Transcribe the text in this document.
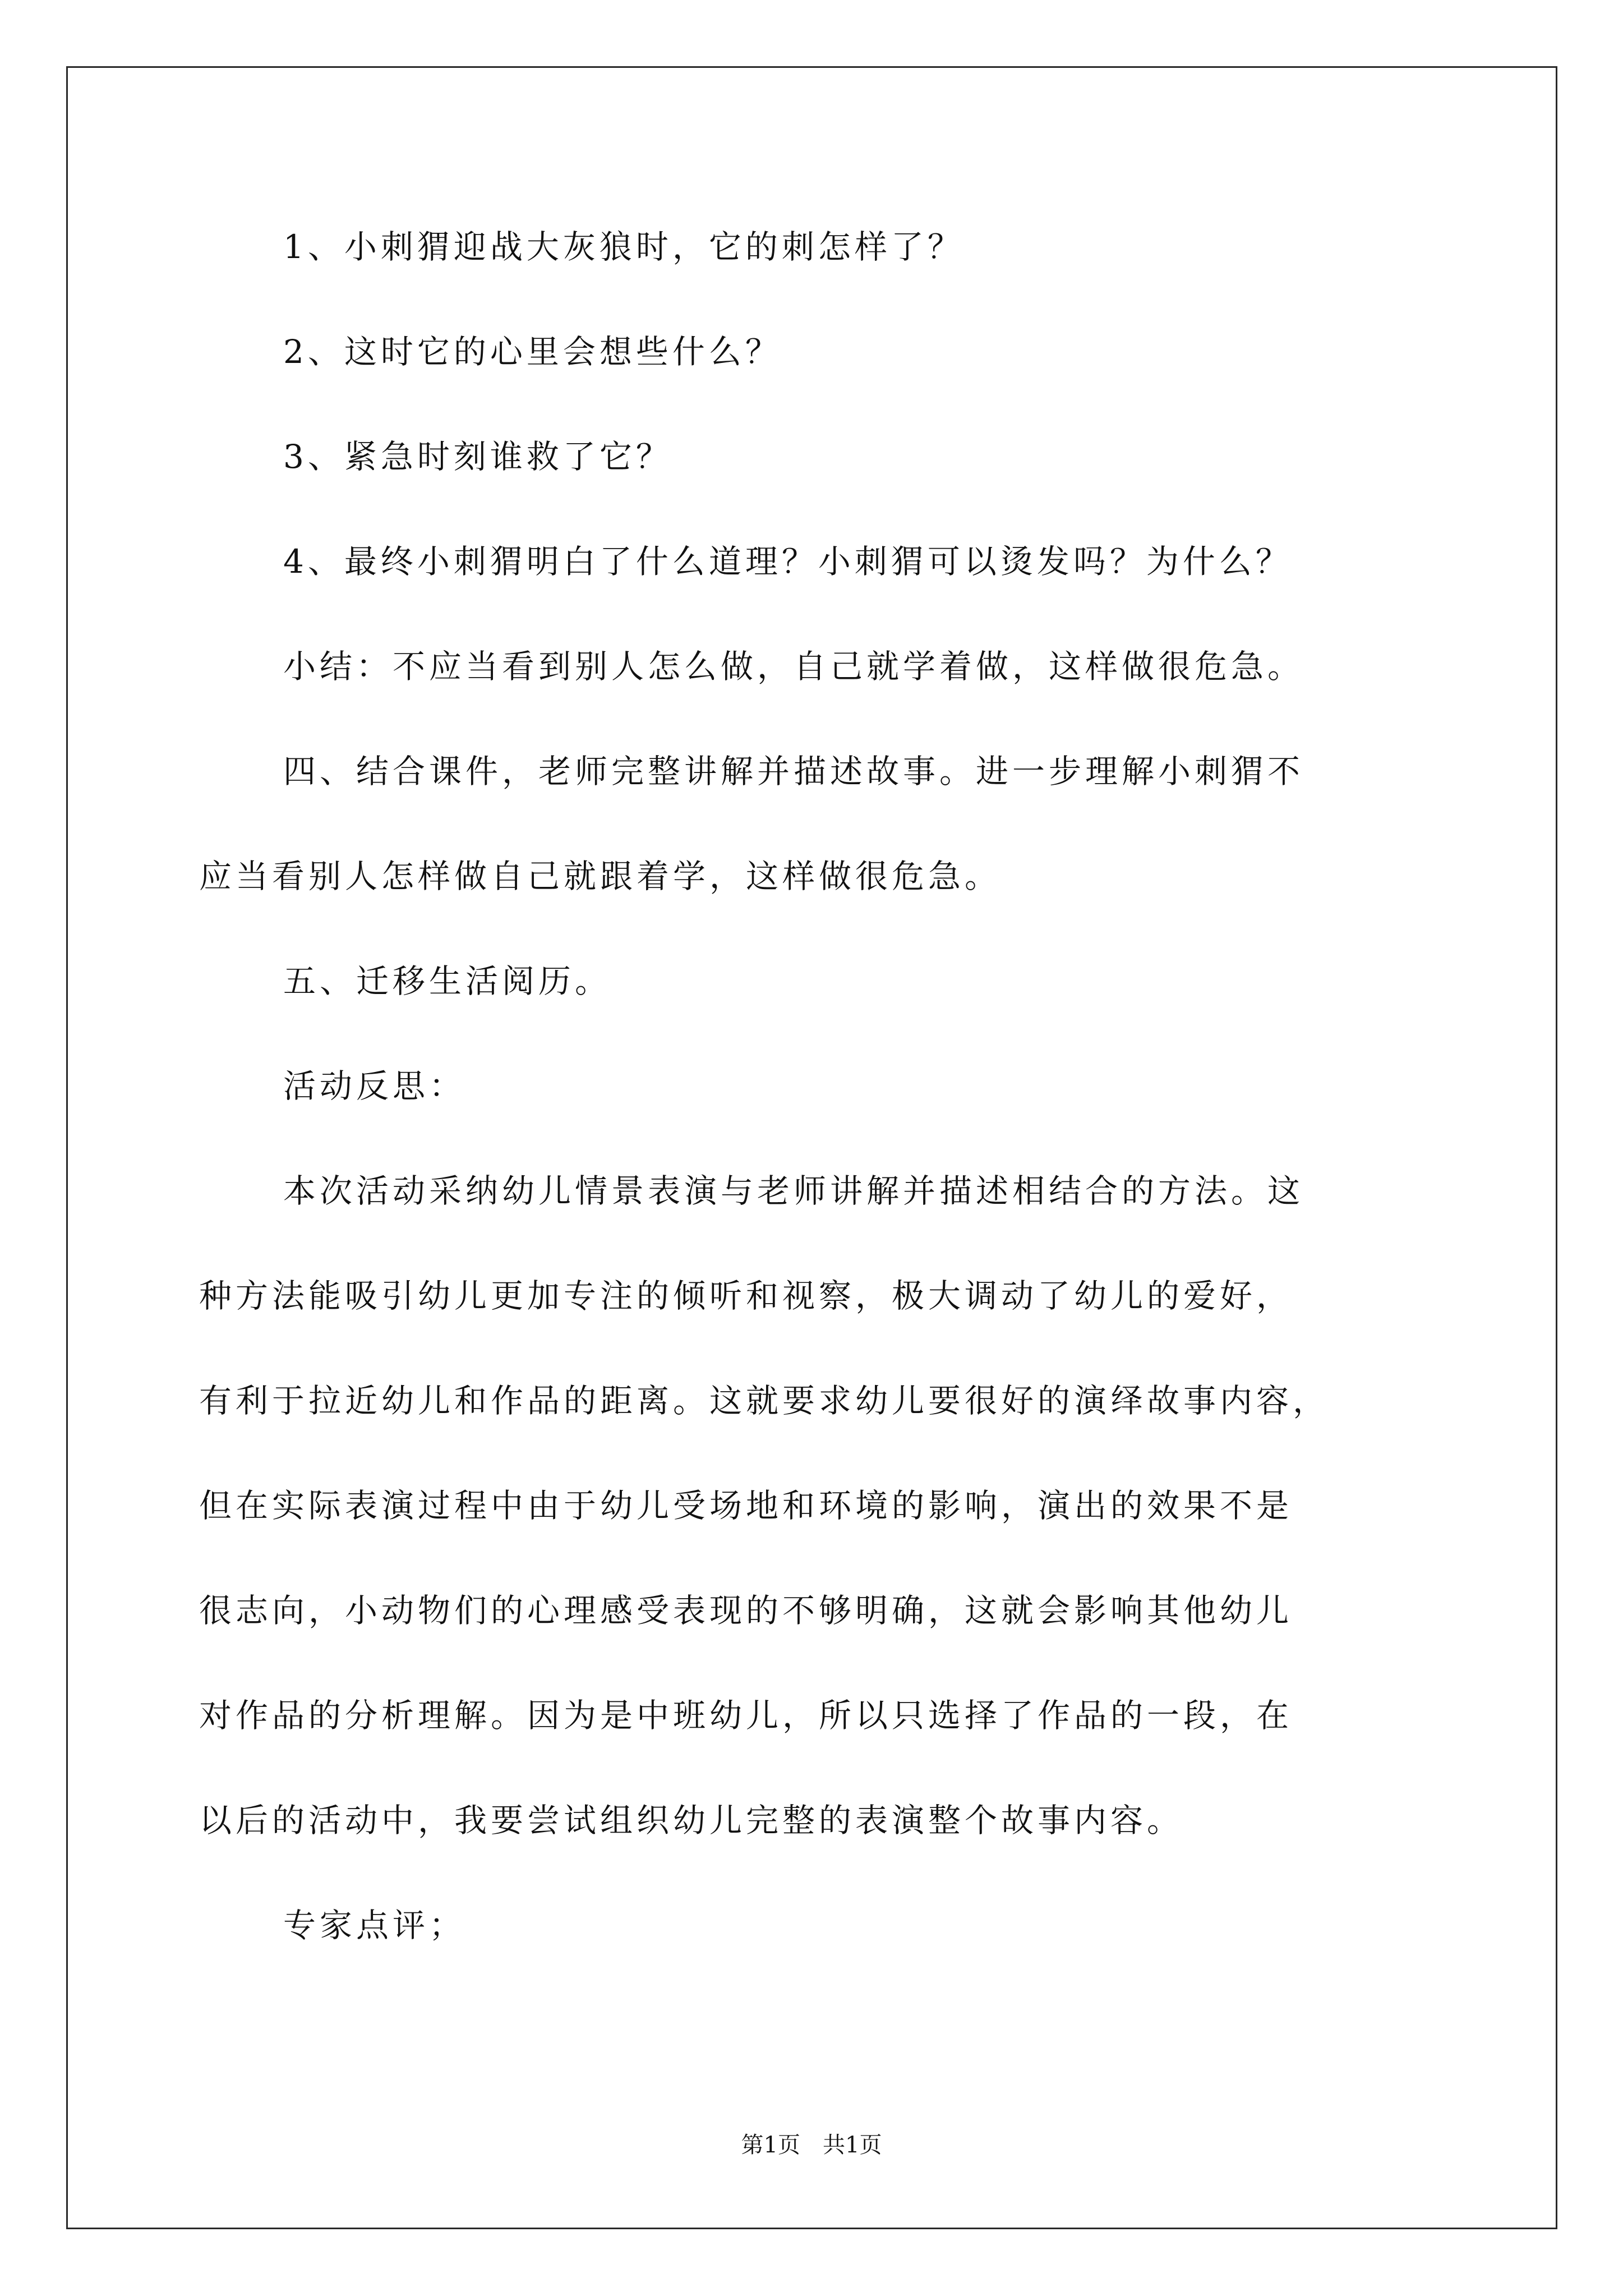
1、小刺猬迎战大灰狼时，它的刺怎样了？
2、这时它的心里会想些什么？
3、紧急时刻谁救了它？
4、最终小刺猬明白了什么道理？小刺猬可以烫发吗？为什么？
小结：不应当看到别人怎么做，自己就学着做，这样做很危急。
四、结合课件，老师完整讲解并描述故事。进一步理解小刺猬不
应当看别人怎样做自己就跟着学，这样做很危急。
五、迁移生活阅历。
活动反思：
本次活动采纳幼儿情景表演与老师讲解并描述相结合的方法。这
种方法能吸引幼儿更加专注的倾听和视察，极大调动了幼儿的爱好，
有利于拉近幼儿和作品的距离。这就要求幼儿要很好的演绎故事内容，
但在实际表演过程中由于幼儿受场地和环境的影响，演出的效果不是
很志向，小动物们的心理感受表现的不够明确，这就会影响其他幼儿
对作品的分析理解。因为是中班幼儿，所以只选择了作品的一段，在
以后的活动中，我要尝试组织幼儿完整的表演整个故事内容。
专家点评；
第1页　共1页
